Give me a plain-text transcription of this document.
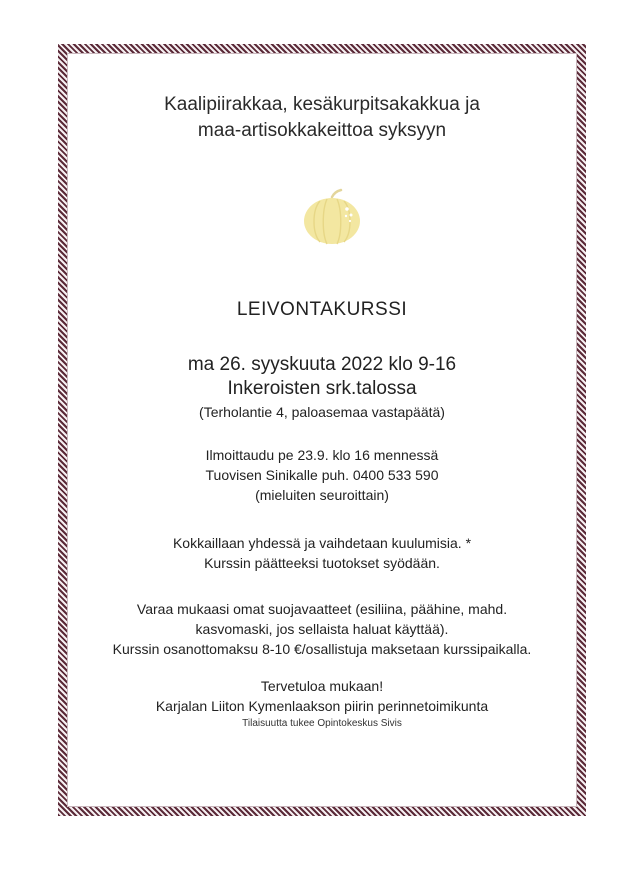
Kaalipiirakkaa, kesäkurpitsakakkua ja
maa-artisokkakeittoa syksyyn
LEIVONTAKURSSI
ma 26. syyskuuta 2022 klo 9-16
Inkeroisten srk.talossa
(Terholantie 4, paloasemaa vastapäätä)
Ilmoittaudu pe 23.9. klo 16 mennessä
Tuovisen Sinikalle puh. 0400 533 590
(mieluiten seuroittain)
Kokkaillaan yhdessä ja vaihdetaan kuulumisia. *
Kurssin päätteeksi tuotokset syödään.
Varaa mukaasi omat suojavaatteet (esiliina, päähine, mahd.
kasvomaski, jos sellaista haluat käyttää).
Kurssin osanottomaksu 8-10 €/osallistuja maksetaan kurssipaikalla.
Tervetuloa mukaan!
Karjalan Liiton Kymenlaakson piirin perinnetoimikunta
Tilaisuutta tukee Opintokeskus Sivis
